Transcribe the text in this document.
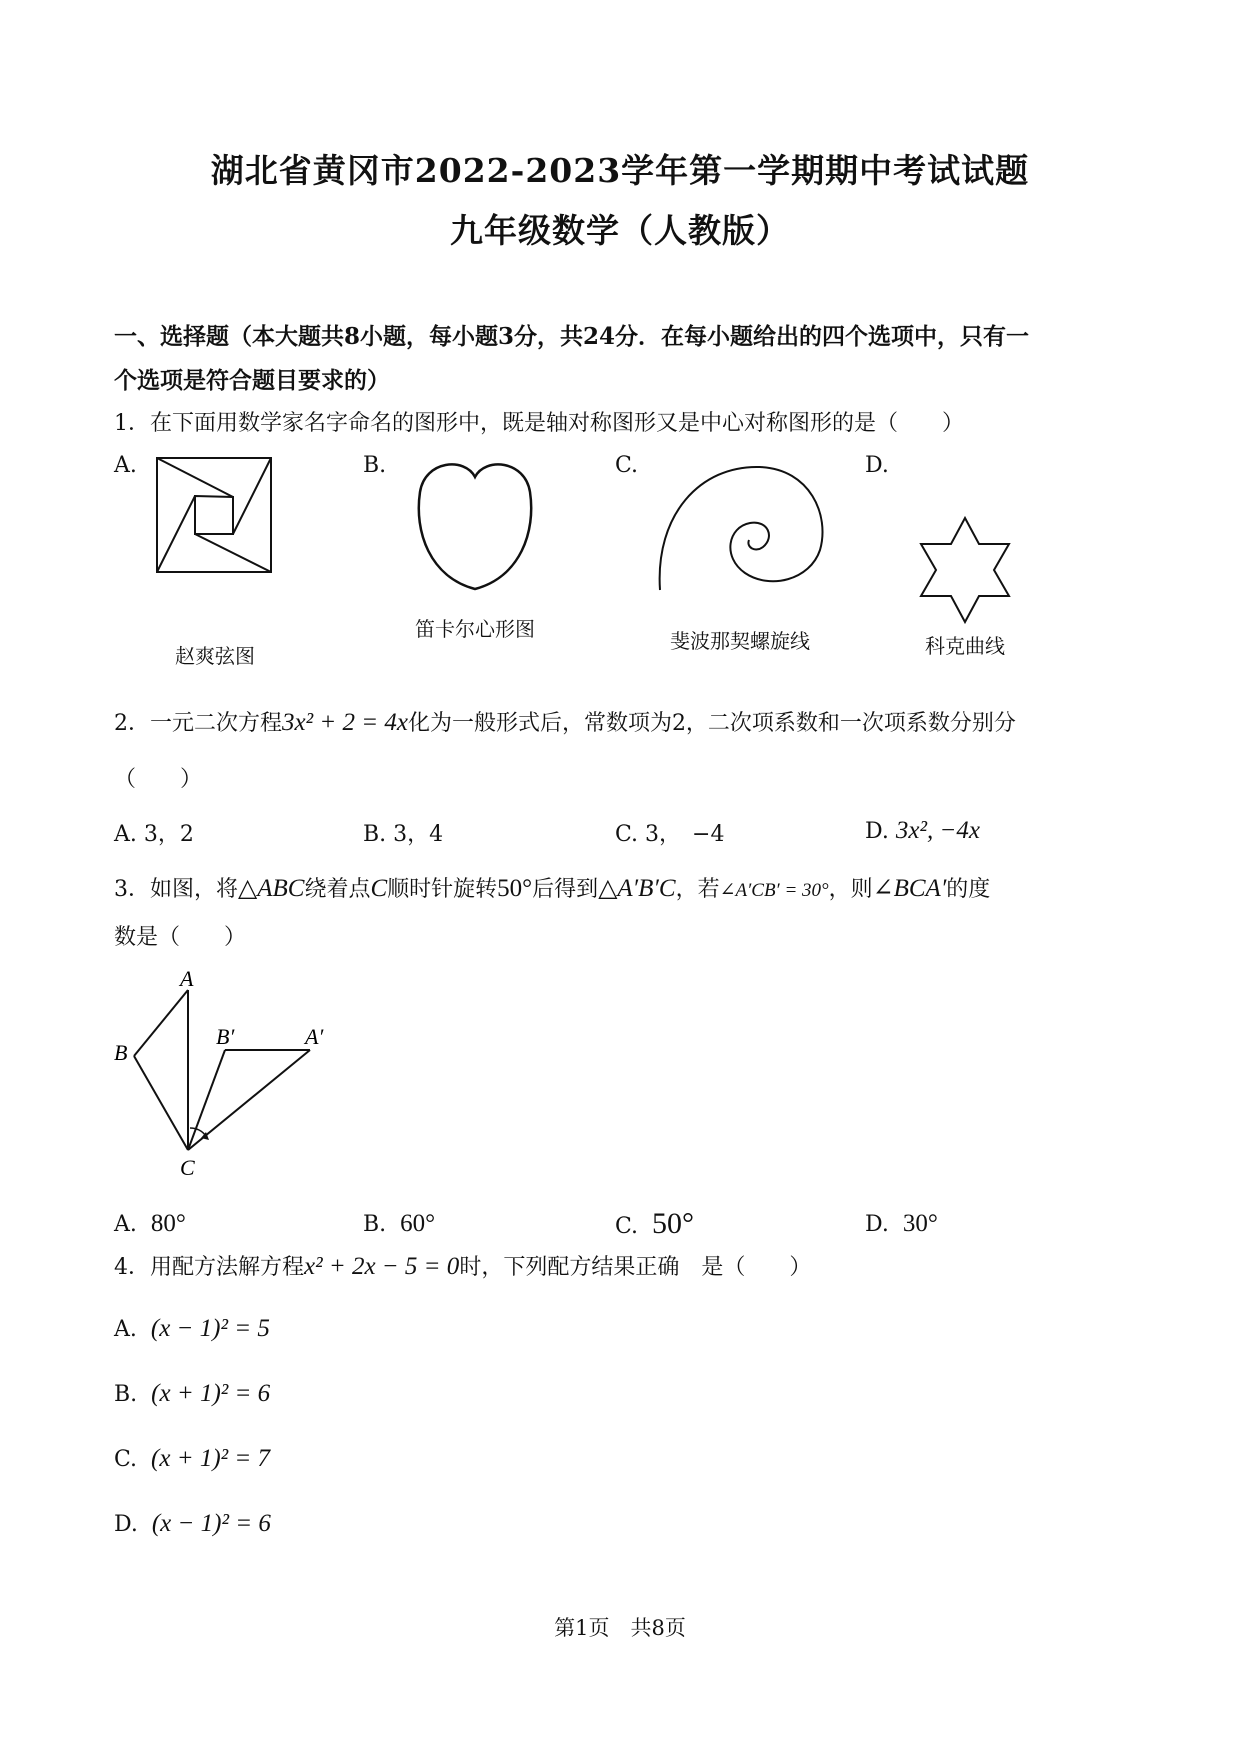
湖北省黄冈市2022-2023学年第一学期期中考试试题
九年级数学（人教版）
一、选择题（本大题共8小题，每小题3分，共24分．在每小题给出的四个选项中，只有一
个选项是符合题目要求的）
1．在下面用数学家名字命名的图形中，既是轴对称图形又是中心对称图形的是（　　）
A.
赵爽弦图
B.
笛卡尔心形图
C.
斐波那契螺旋线
D.
科克曲线
2．一元二次方程3x² + 2 = 4x化为一般形式后，常数项为2，二次项系数和一次项系数分别分
（　　）
A. 3，2	B. 3，4	C. 3，　−4	D. 3x², −4x
3．如图，将△ABC绕着点C顺时针旋转50°后得到△A′B′C，若∠A′CB′ = 30°，则∠BCA′的度
数是（　　）
A
B
B′	A′
C
A. 80°	B. 60°	C. 50°	D. 30°
4．用配方法解方程x² + 2x − 5 = 0时，下列配方结果正确　是（　　）
A. (x − 1)² = 5
B. (x + 1)² = 6
C. (x + 1)² = 7
D. (x − 1)² = 6
第1页　共8页
